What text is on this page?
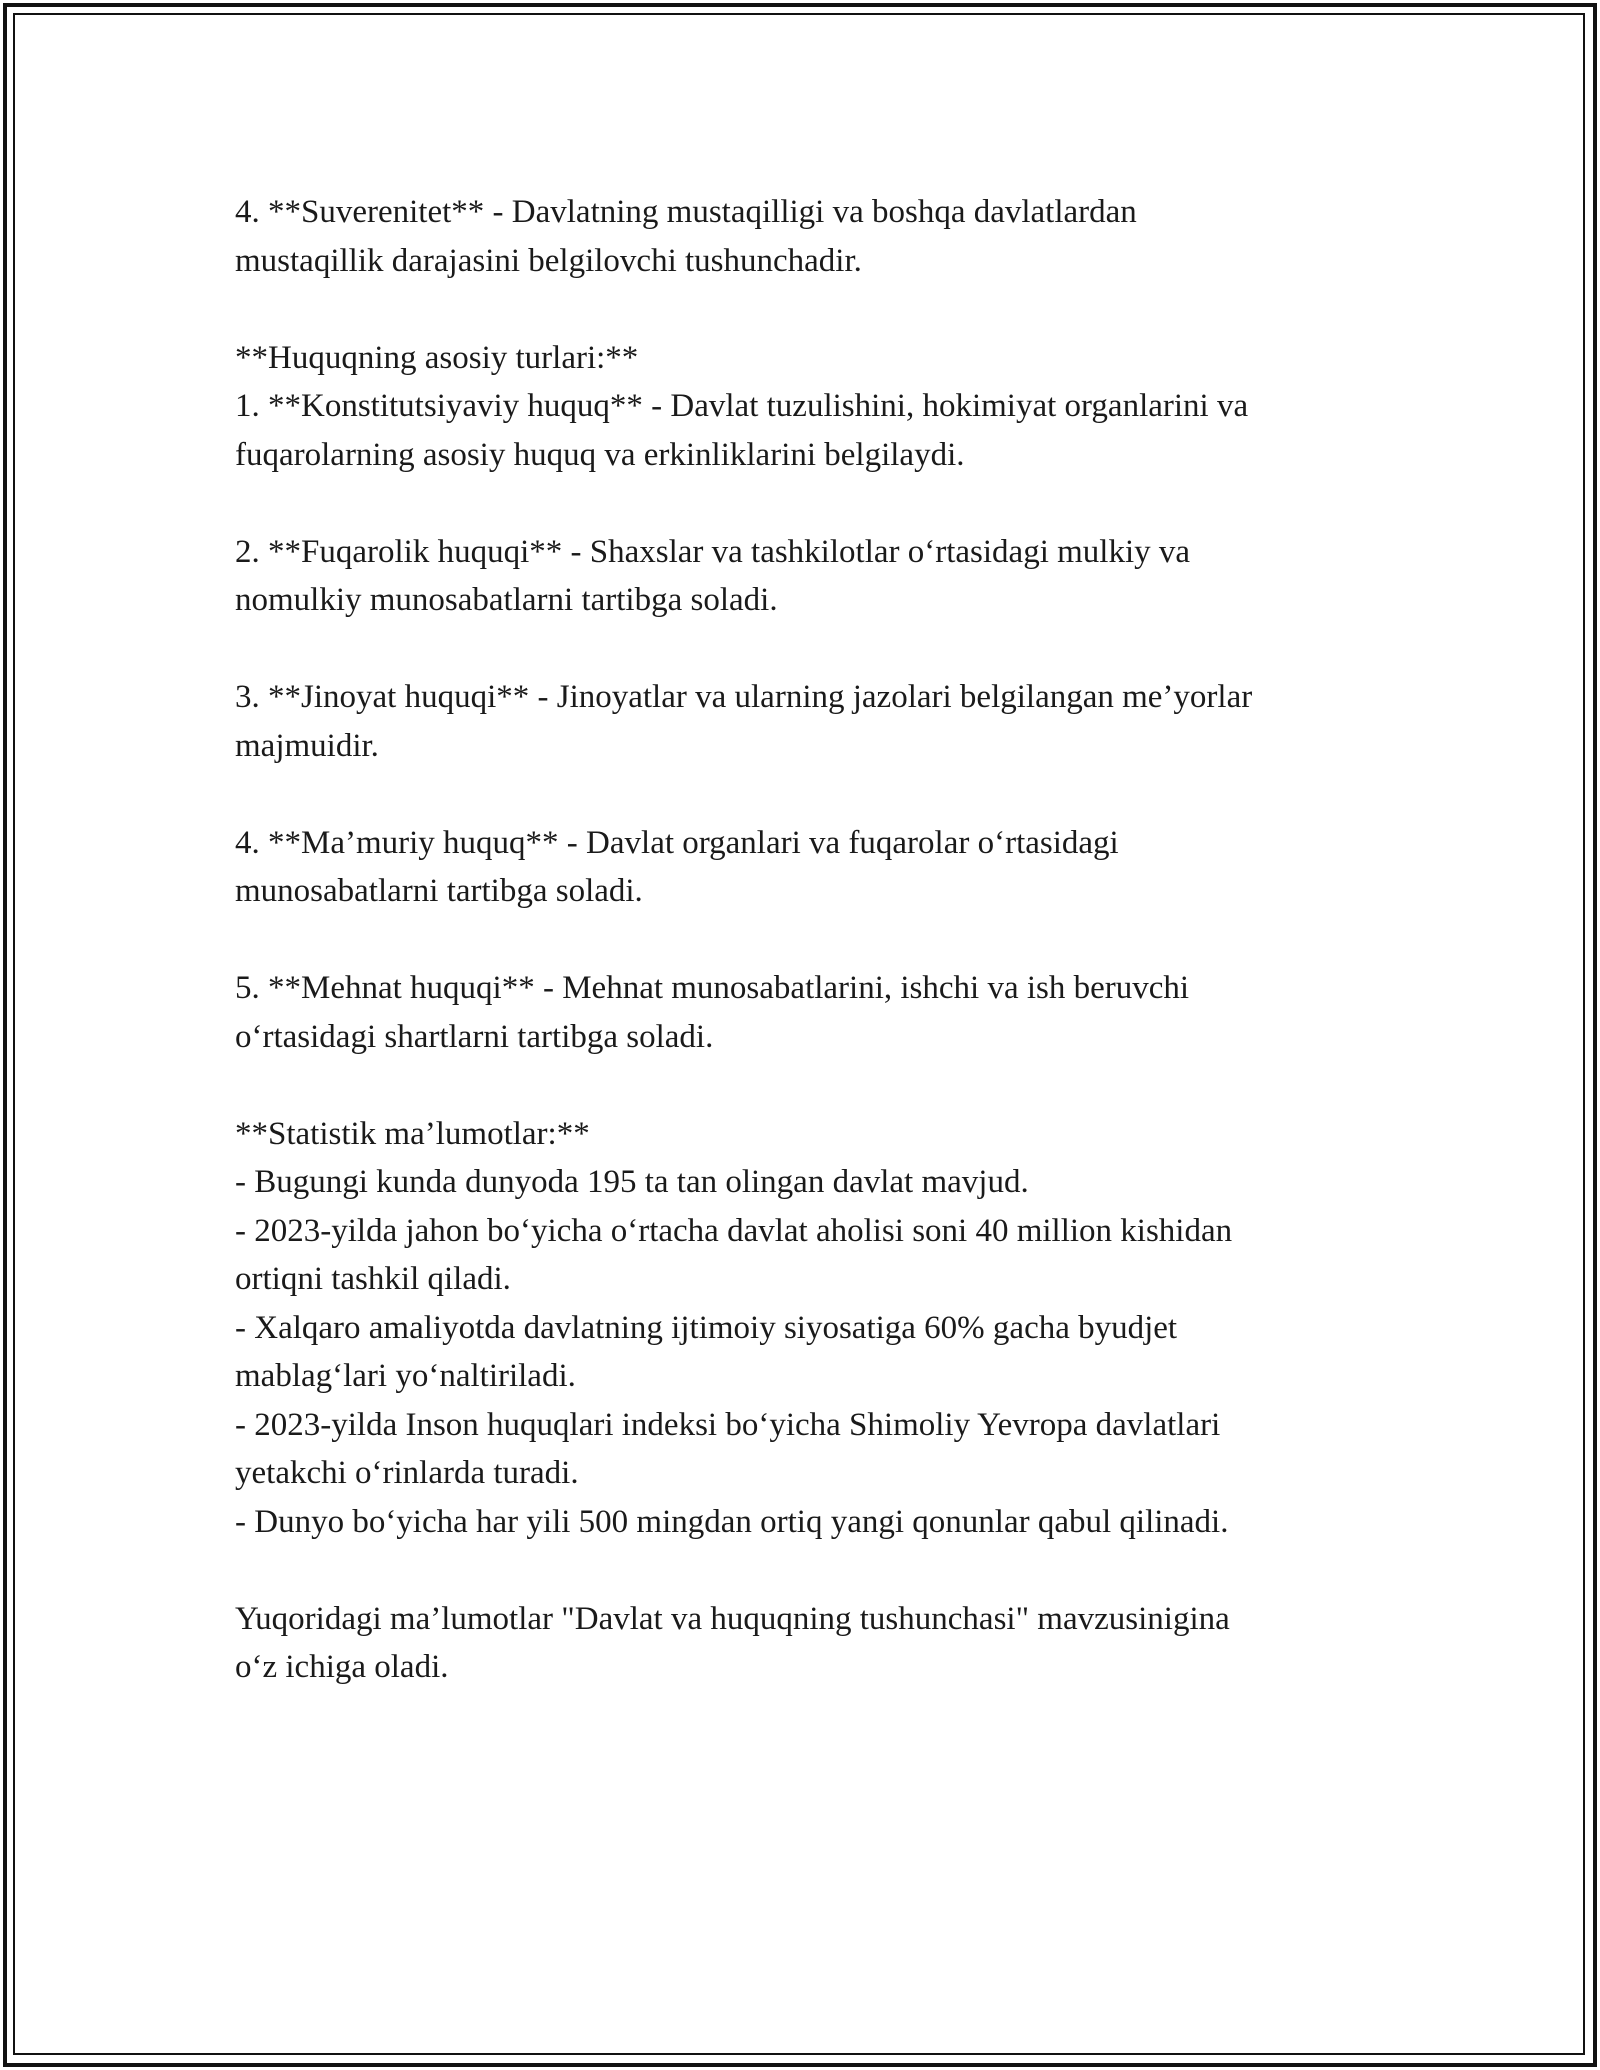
4. **Suverenitet** - Davlatning mustaqilligi va boshqa davlatlardan

mustaqillik darajasini belgilovchi tushunchadir.

**Huquqning asosiy turlari:**

1. **Konstitutsiyaviy huquq** - Davlat tuzulishini, hokimiyat organlarini va

fuqarolarning asosiy huquq va erkinliklarini belgilaydi.

2. **Fuqarolik huquqi** - Shaxslar va tashkilotlar o‘rtasidagi mulkiy va

nomulkiy munosabatlarni tartibga soladi.

3. **Jinoyat huquqi** - Jinoyatlar va ularning jazolari belgilangan me’yorlar

majmuidir.

4. **Ma’muriy huquq** - Davlat organlari va fuqarolar o‘rtasidagi

munosabatlarni tartibga soladi.

5. **Mehnat huquqi** - Mehnat munosabatlarini, ishchi va ish beruvchi

o‘rtasidagi shartlarni tartibga soladi.

**Statistik ma’lumotlar:**

- Bugungi kunda dunyoda 195 ta tan olingan davlat mavjud.

- 2023-yilda jahon bo‘yicha o‘rtacha davlat aholisi soni 40 million kishidan

ortiqni tashkil qiladi.

- Xalqaro amaliyotda davlatning ijtimoiy siyosatiga 60% gacha byudjet

mablag‘lari yo‘naltiriladi.

- 2023-yilda Inson huquqlari indeksi bo‘yicha Shimoliy Yevropa davlatlari

yetakchi o‘rinlarda turadi.

- Dunyo bo‘yicha har yili 500 mingdan ortiq yangi qonunlar qabul qilinadi.

Yuqoridagi ma’lumotlar "Davlat va huquqning tushunchasi" mavzusinigina

o‘z ichiga oladi.
